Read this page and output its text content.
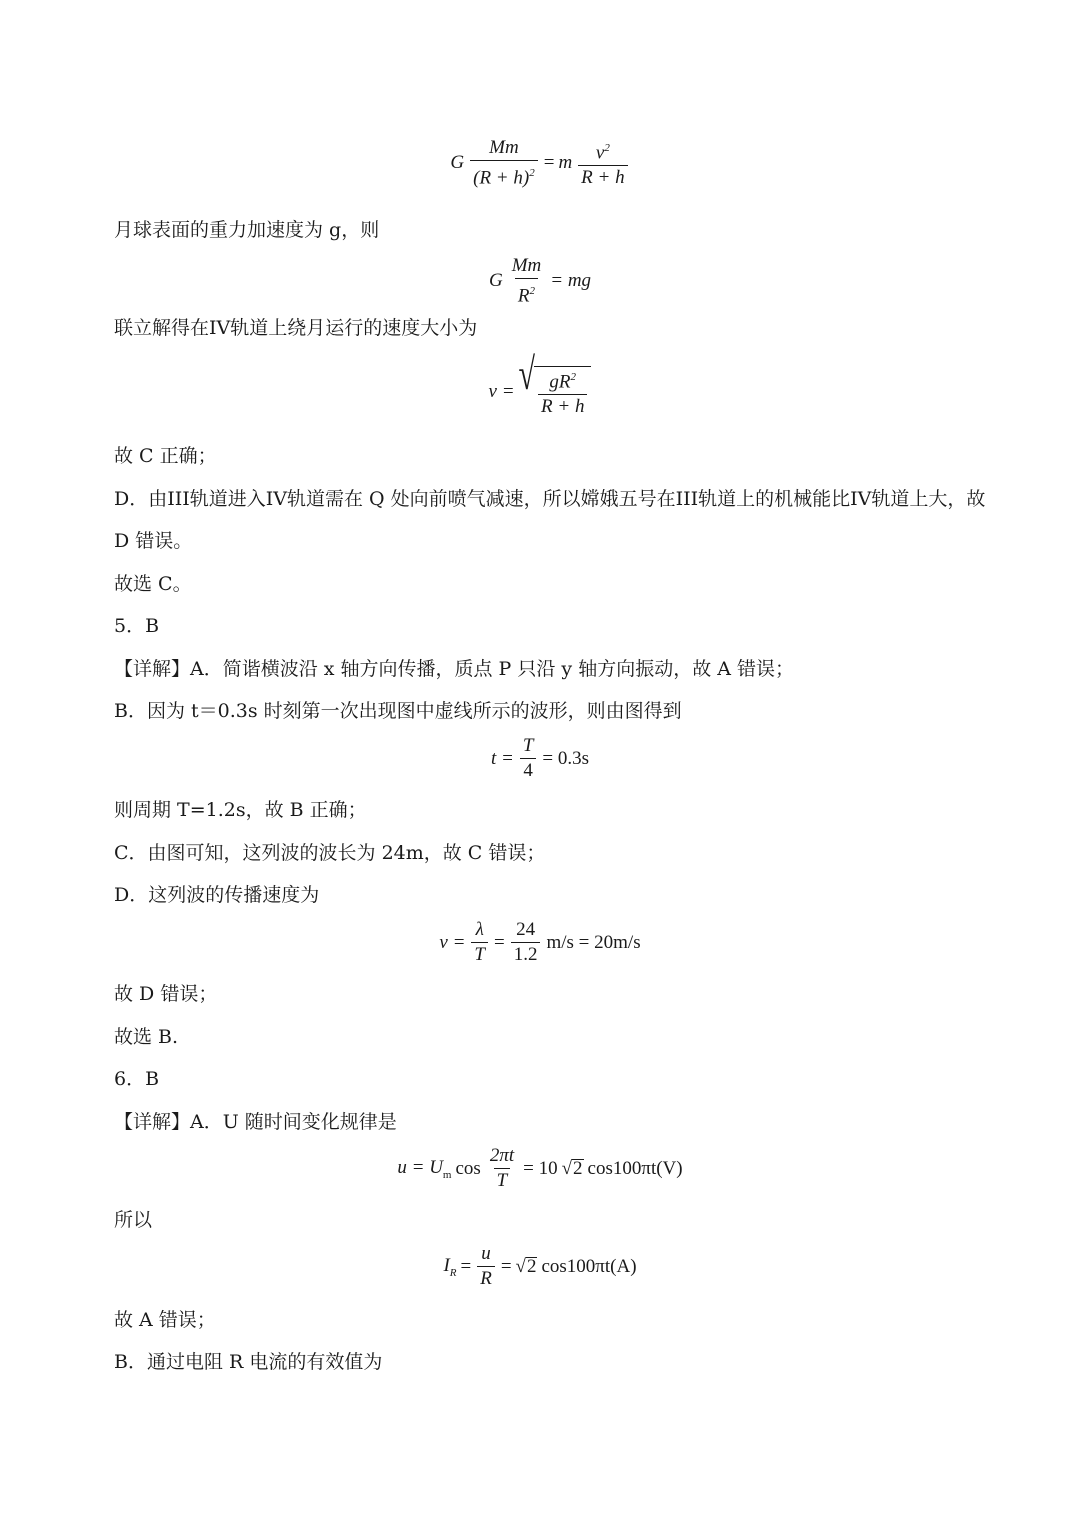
G $\frac{Mm}{(R + h)^2} = m \frac{v^2}{R + h}$
月球表面的重力加速度为 g，则
G $\frac{Mm}{R^2}$ = mg
联立解得在IV轨道上绕月运行的速度大小为
v = √ $\frac{gR^2}{R + h}$
故 C 正确；
D．由III轨道进入IV轨道需在 Q 处向前喷气减速，所以嫦娥五号在III轨道上的机械能比IV轨道上大，故
D 错误。
故选 C。
5．B
【详解】A．简谐横波沿 x 轴方向传播，质点 P 只沿 y 轴方向振动，故 A 错误；
B．因为 t＝0.3s 时刻第一次出现图中虚线所示的波形，则由图得到
$t = \frac{T}{4} = 0.3s$
则周期 T=1.2s，故 B 正确；
C．由图可知，这列波的波长为 24m，故 C 错误；
D．这列波的传播速度为
$v = \frac{\lambda}{T} = \frac{24}{1.2} m/s = 20m/s$
故 D 错误；
故选 B.
6．B
【详解】A．U 随时间变化规律是
$u = U_m$ $\cos \frac{2\pi t}{T} = 10$ √ 2 cos100πt(V)
所以
$I_R = \frac{u}{R}$ = √ 2 cos100πt(A)
故 A 错误；
B．通过电阻 R 电流的有效值为
